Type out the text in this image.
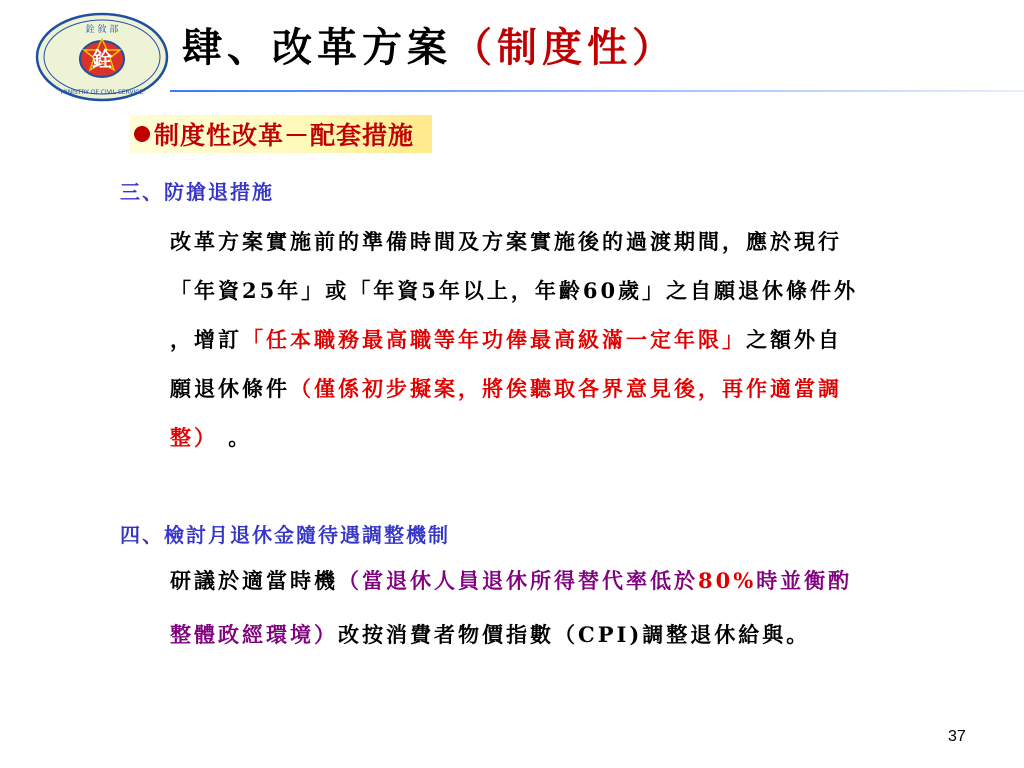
銓 敘 部
銓
MINISTRY OF CIVIL SERVICE
肆、改革方案（制度性）
制度性改革－配套措施

三、防搶退措施

改革方案實施前的準備時間及方案實施後的過渡期間，應於現行
「年資25年」或「年資5年以上，年齡60歲」之自願退休條件外
，增訂「任本職務最高職等年功俸最高級滿一定年限」之額外自
願退休條件（僅係初步擬案，將俟聽取各界意見後，再作適當調
整） 。

四、檢討月退休金隨待遇調整機制

研議於適當時機（當退休人員退休所得替代率低於80%時並衡酌
整體政經環境）改按消費者物價指數（CPI)調整退休給與。
37
